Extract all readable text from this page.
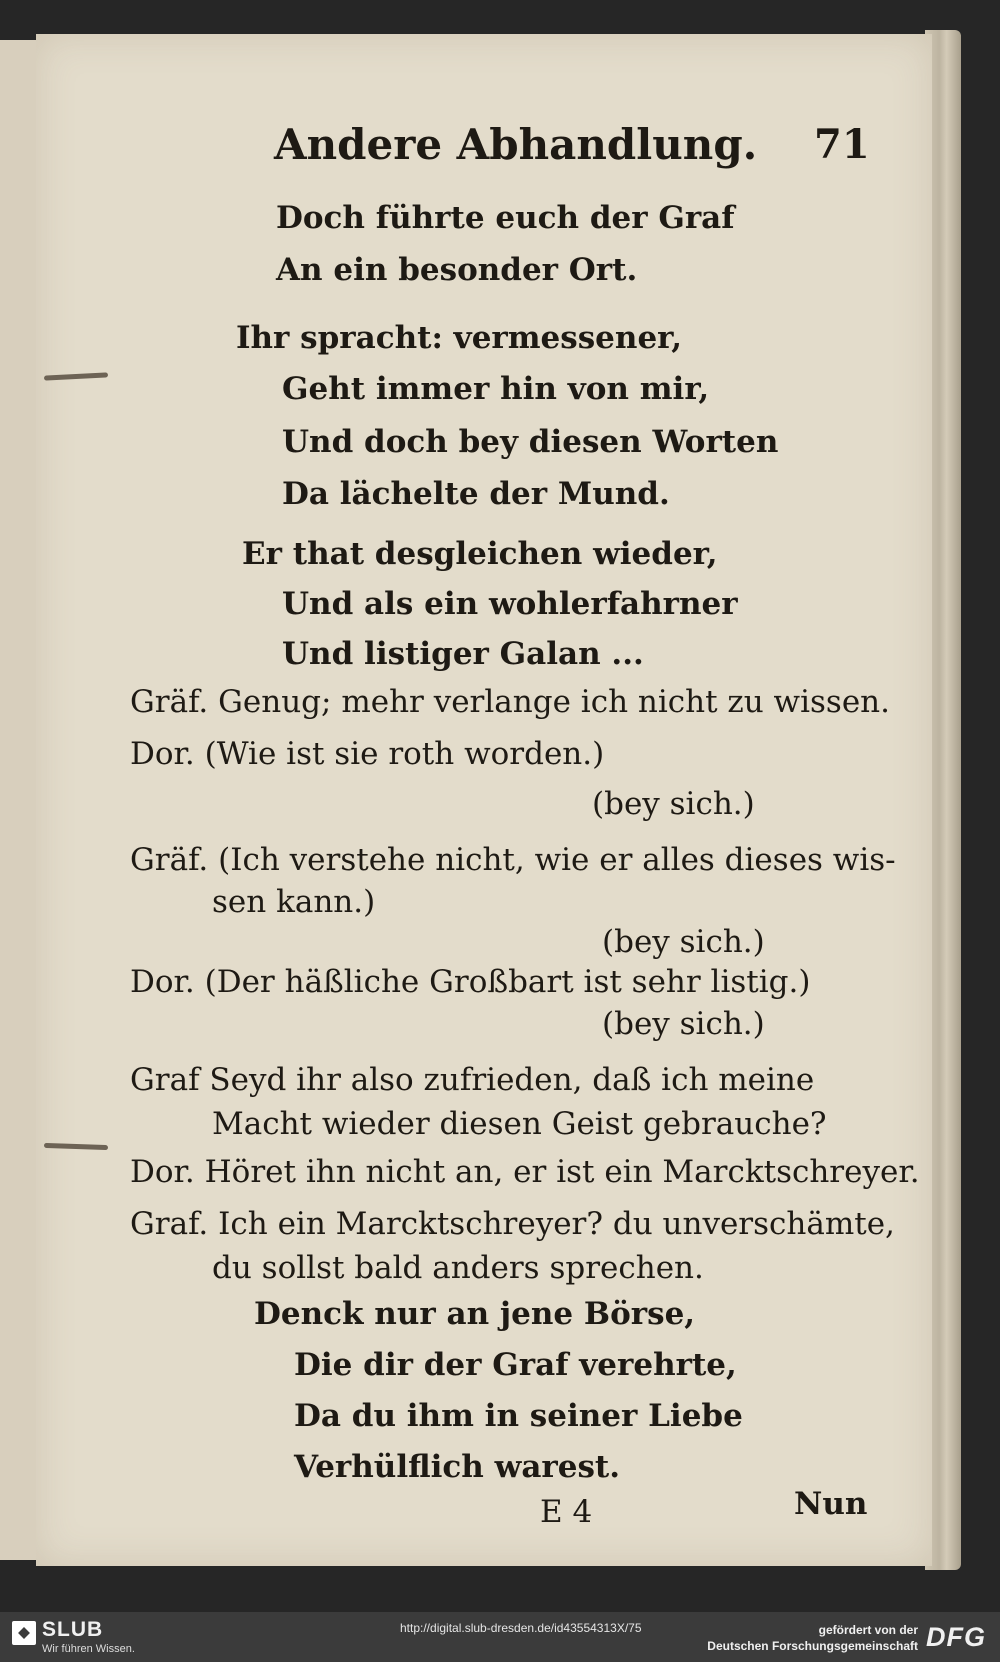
Andere Abhandlung. 71
Doch führte euch der Graf
An ein besonder Ort.
Ihr spracht: vermessener,
Geht immer hin von mir,
Und doch bey diesen Worten
Da lächelte der Mund.
Er that desgleichen wieder,
Und als ein wohlerfahrner
Und listiger Galan ...
Gräf. Genug; mehr verlange ich nicht zu wissen.
Dor. (Wie ist sie roth worden.)
(bey sich.)
Gräf. (Ich verstehe nicht, wie er alles dieses wis-
sen kann.)
(bey sich.)
Dor. (Der häßliche Großbart ist sehr listig.)
(bey sich.)
Graf Seyd ihr also zufrieden, daß ich meine
Macht wieder diesen Geist gebrauche?
Dor. Höret ihn nicht an, er ist ein Marcktschreyer.
Graf. Ich ein Marcktschreyer? du unverschämte,
du sollst bald anders sprechen.
Denck nur an jene Börse,
Die dir der Graf verehrte,
Da du ihm in seiner Liebe
Verhülflich warest.
E 4	Nun
SLUB
Wir führen Wissen.
http://digital.slub-dresden.de/id43554313X/75	gefördert von der
Deutschen Forschungsgemeinschaft DFG
